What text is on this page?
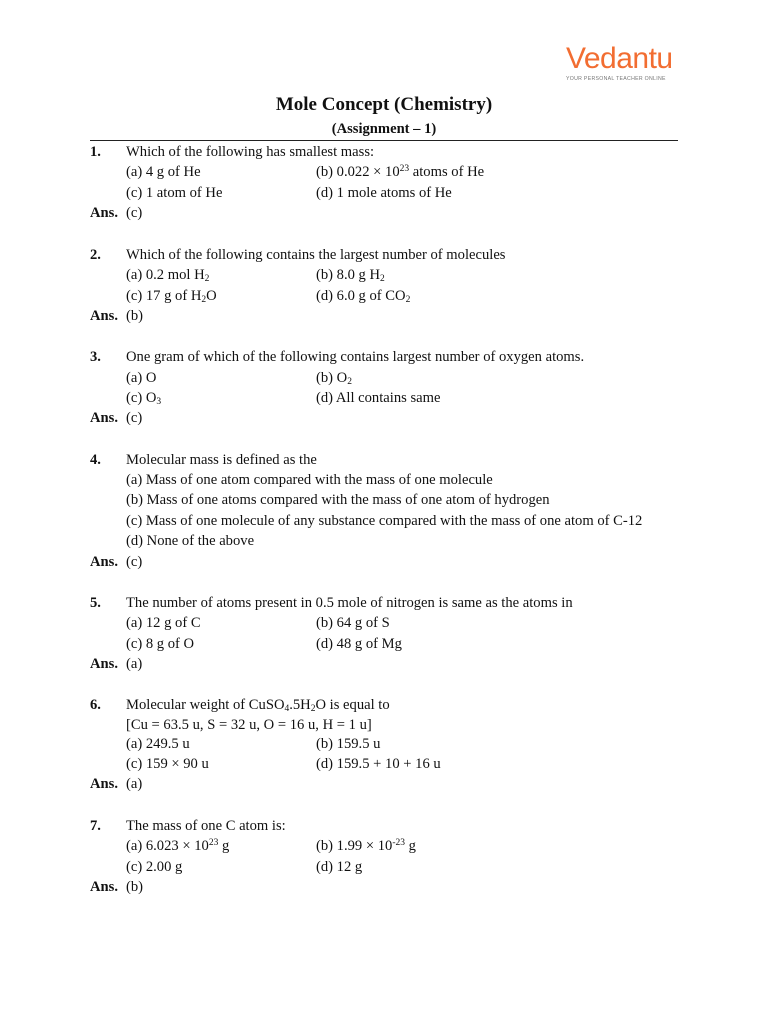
Vedantu
YOUR PERSONAL TEACHER ONLINE
Mole Concept (Chemistry)
(Assignment – 1)
1. Which of the following has smallest mass:
(a) 4 g of He	(b) $0.022 \times 10^{23}$ atoms of He
(c) 1 atom of He	(d) 1 mole atoms of He
Ans. (c)
2. Which of the following contains the largest number of molecules
(a) 0.2 mol $H_2$	(b) 8.0 g $H_2$
(c) 17 g of $H_2O$	(d) 6.0 g of $CO_2$
Ans. (b)
3. One gram of which of the following contains largest number of oxygen atoms.
(a) O	(b) $O_2$
(c) $O_3$	(d) All contains same
Ans. (c)
4. Molecular mass is defined as the
(a) Mass of one atom compared with the mass of one molecule
(b) Mass of one atoms compared with the mass of one atom of hydrogen
(c) Mass of one molecule of any substance compared with the mass of one atom of C-12
(d) None of the above
Ans. (c)
5. The number of atoms present in 0.5 mole of nitrogen is same as the atoms in
(a) 12 g of C	(b) 64 g of S
(c) 8 g of O	(d) 48 g of Mg
Ans. (a)
6. Molecular weight of $CuSO_4.5H_2O$ is equal to
[Cu = 63.5 u, S = 32 u, O = 16 u, H = 1 u]
(a) 249.5 u	(b) 159.5 u
(c) 159 × 90 u	(d) 159.5 + 10 + 16 u
Ans. (a)
7. The mass of one C atom is:
(a) $6.023 \times 10^{23}$ g	(b) $1.99 \times 10^{-23}$ g
(c) 2.00 g	(d) 12 g
Ans. (b)
